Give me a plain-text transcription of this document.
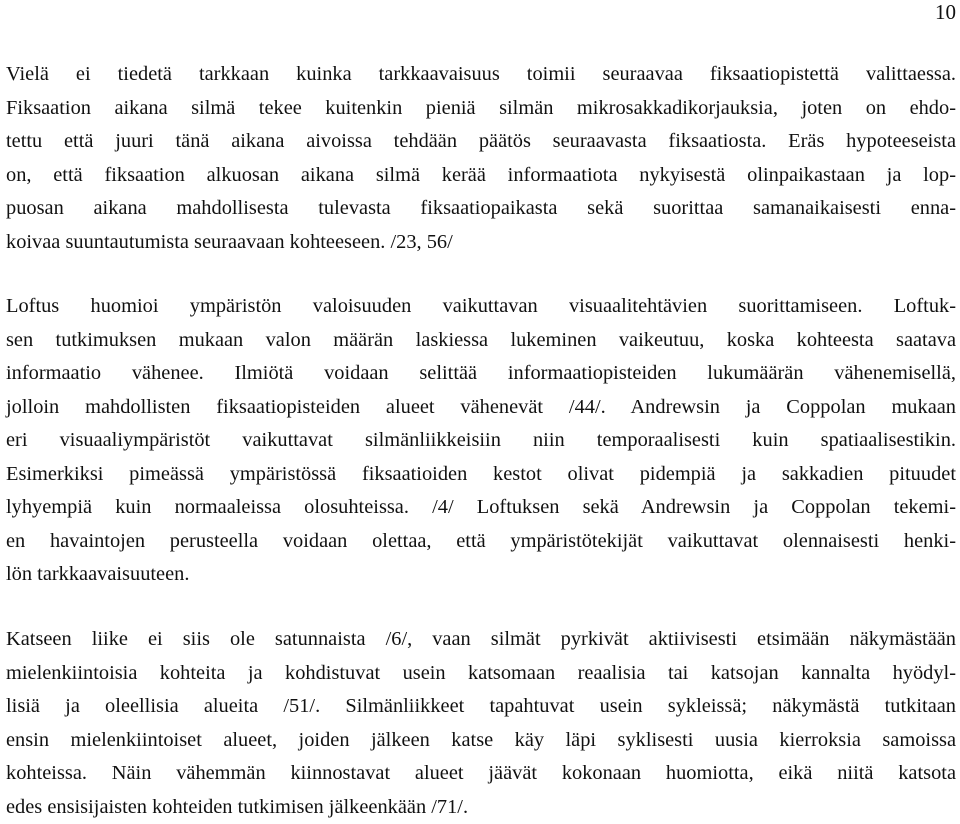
10
Vielä ei tiedetä tarkkaan kuinka tarkkaavaisuus toimii seuraavaa fiksaatiopistettä valittaessa.
Fiksaation aikana silmä tekee kuitenkin pieniä silmän mikrosakkadikorjauksia, joten on ehdo-
tettu että juuri tänä aikana aivoissa tehdään päätös seuraavasta fiksaatiosta. Eräs hypoteeseista
on, että fiksaation alkuosan aikana silmä kerää informaatiota nykyisestä olinpaikastaan ja lop-
puosan aikana mahdollisesta tulevasta fiksaatiopaikasta sekä suorittaa samanaikaisesti enna-
koivaa suuntautumista seuraavaan kohteeseen. /23, 56/
Loftus huomioi ympäristön valoisuuden vaikuttavan visuaalitehtävien suorittamiseen. Loftuk-
sen tutkimuksen mukaan valon määrän laskiessa lukeminen vaikeutuu, koska kohteesta saatava
informaatio vähenee. Ilmiötä voidaan selittää informaatiopisteiden lukumäärän vähenemisellä,
jolloin mahdollisten fiksaatiopisteiden alueet vähenevät /44/. Andrewsin ja Coppolan mukaan
eri visuaaliympäristöt vaikuttavat silmänliikkeisiin niin temporaalisesti kuin spatiaalisestikin.
Esimerkiksi pimeässä ympäristössä fiksaatioiden kestot olivat pidempiä ja sakkadien pituudet
lyhyempiä kuin normaaleissa olosuhteissa. /4/ Loftuksen sekä Andrewsin ja Coppolan tekemi-
en havaintojen perusteella voidaan olettaa, että ympäristötekijät vaikuttavat olennaisesti henki-
lön tarkkaavaisuuteen.
Katseen liike ei siis ole satunnaista /6/, vaan silmät pyrkivät aktiivisesti etsimään näkymästään
mielenkiintoisia kohteita ja kohdistuvat usein katsomaan reaalisia tai katsojan kannalta hyödyl-
lisiä ja oleellisia alueita /51/. Silmänliikkeet tapahtuvat usein sykleissä; näkymästä tutkitaan
ensin mielenkiintoiset alueet, joiden jälkeen katse käy läpi syklisesti uusia kierroksia samoissa
kohteissa. Näin vähemmän kiinnostavat alueet jäävät kokonaan huomiotta, eikä niitä katsota
edes ensisijaisten kohteiden tutkimisen jälkeenkään /71/.
